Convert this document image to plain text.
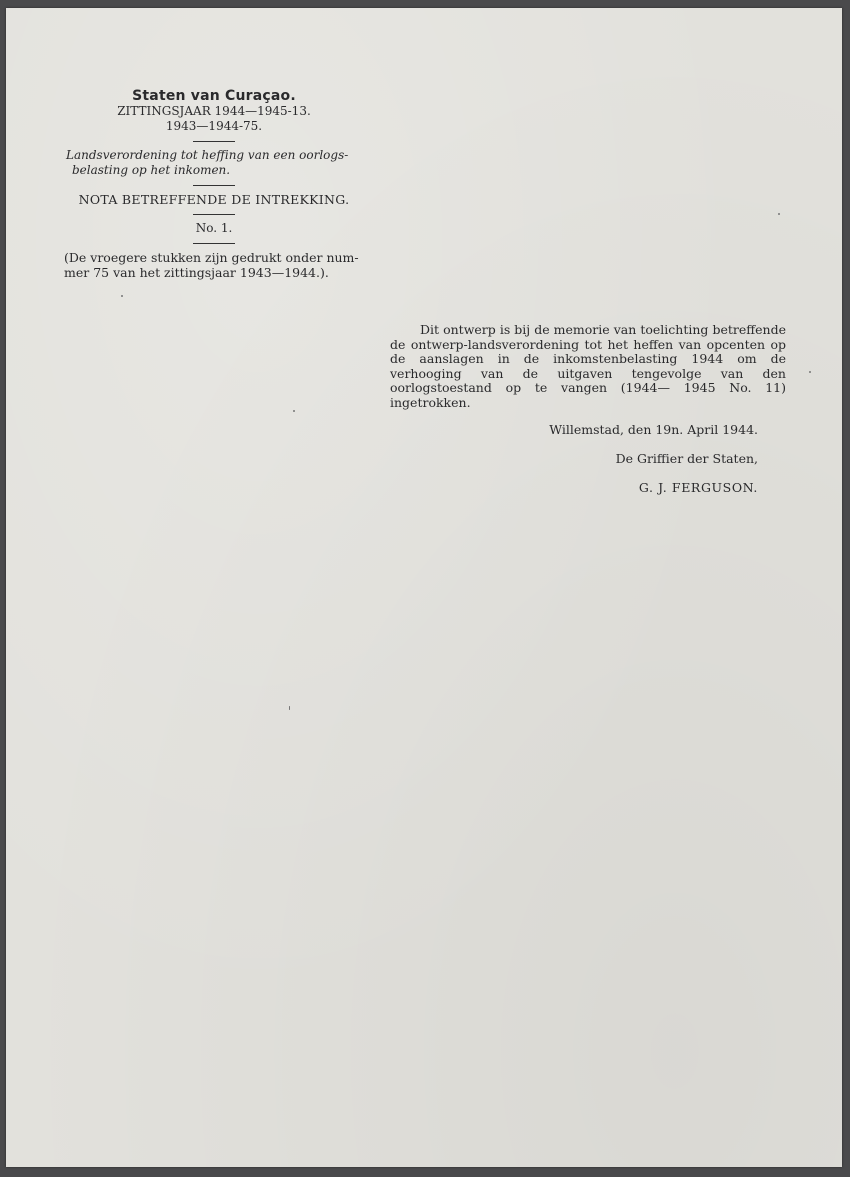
Staten van Curaçao.
ZITTINGSJAAR 1944—1945-13.
1943—1944-75.
Landsverordening tot heffing van een oorlogs-
belasting op het inkomen.
NOTA BETREFFENDE DE INTREKKING.
No. 1.
(De vroegere stukken zijn gedrukt onder num-
mer 75 van het zittingsjaar 1943—1944.).

Dit ontwerp is bij de memorie van toelichting betreffende de ontwerp-landsverordening tot het heffen van opcenten op de aanslagen in de inkomstenbelasting 1944 om de verhooging van de uitgaven tengevolge van den oorlogstoestand op te vangen (1944— 1945 No. 11) ingetrokken.

Willemstad, den 19n. April 1944.
De Griffier der Staten,
G. J. FERGUSON.
